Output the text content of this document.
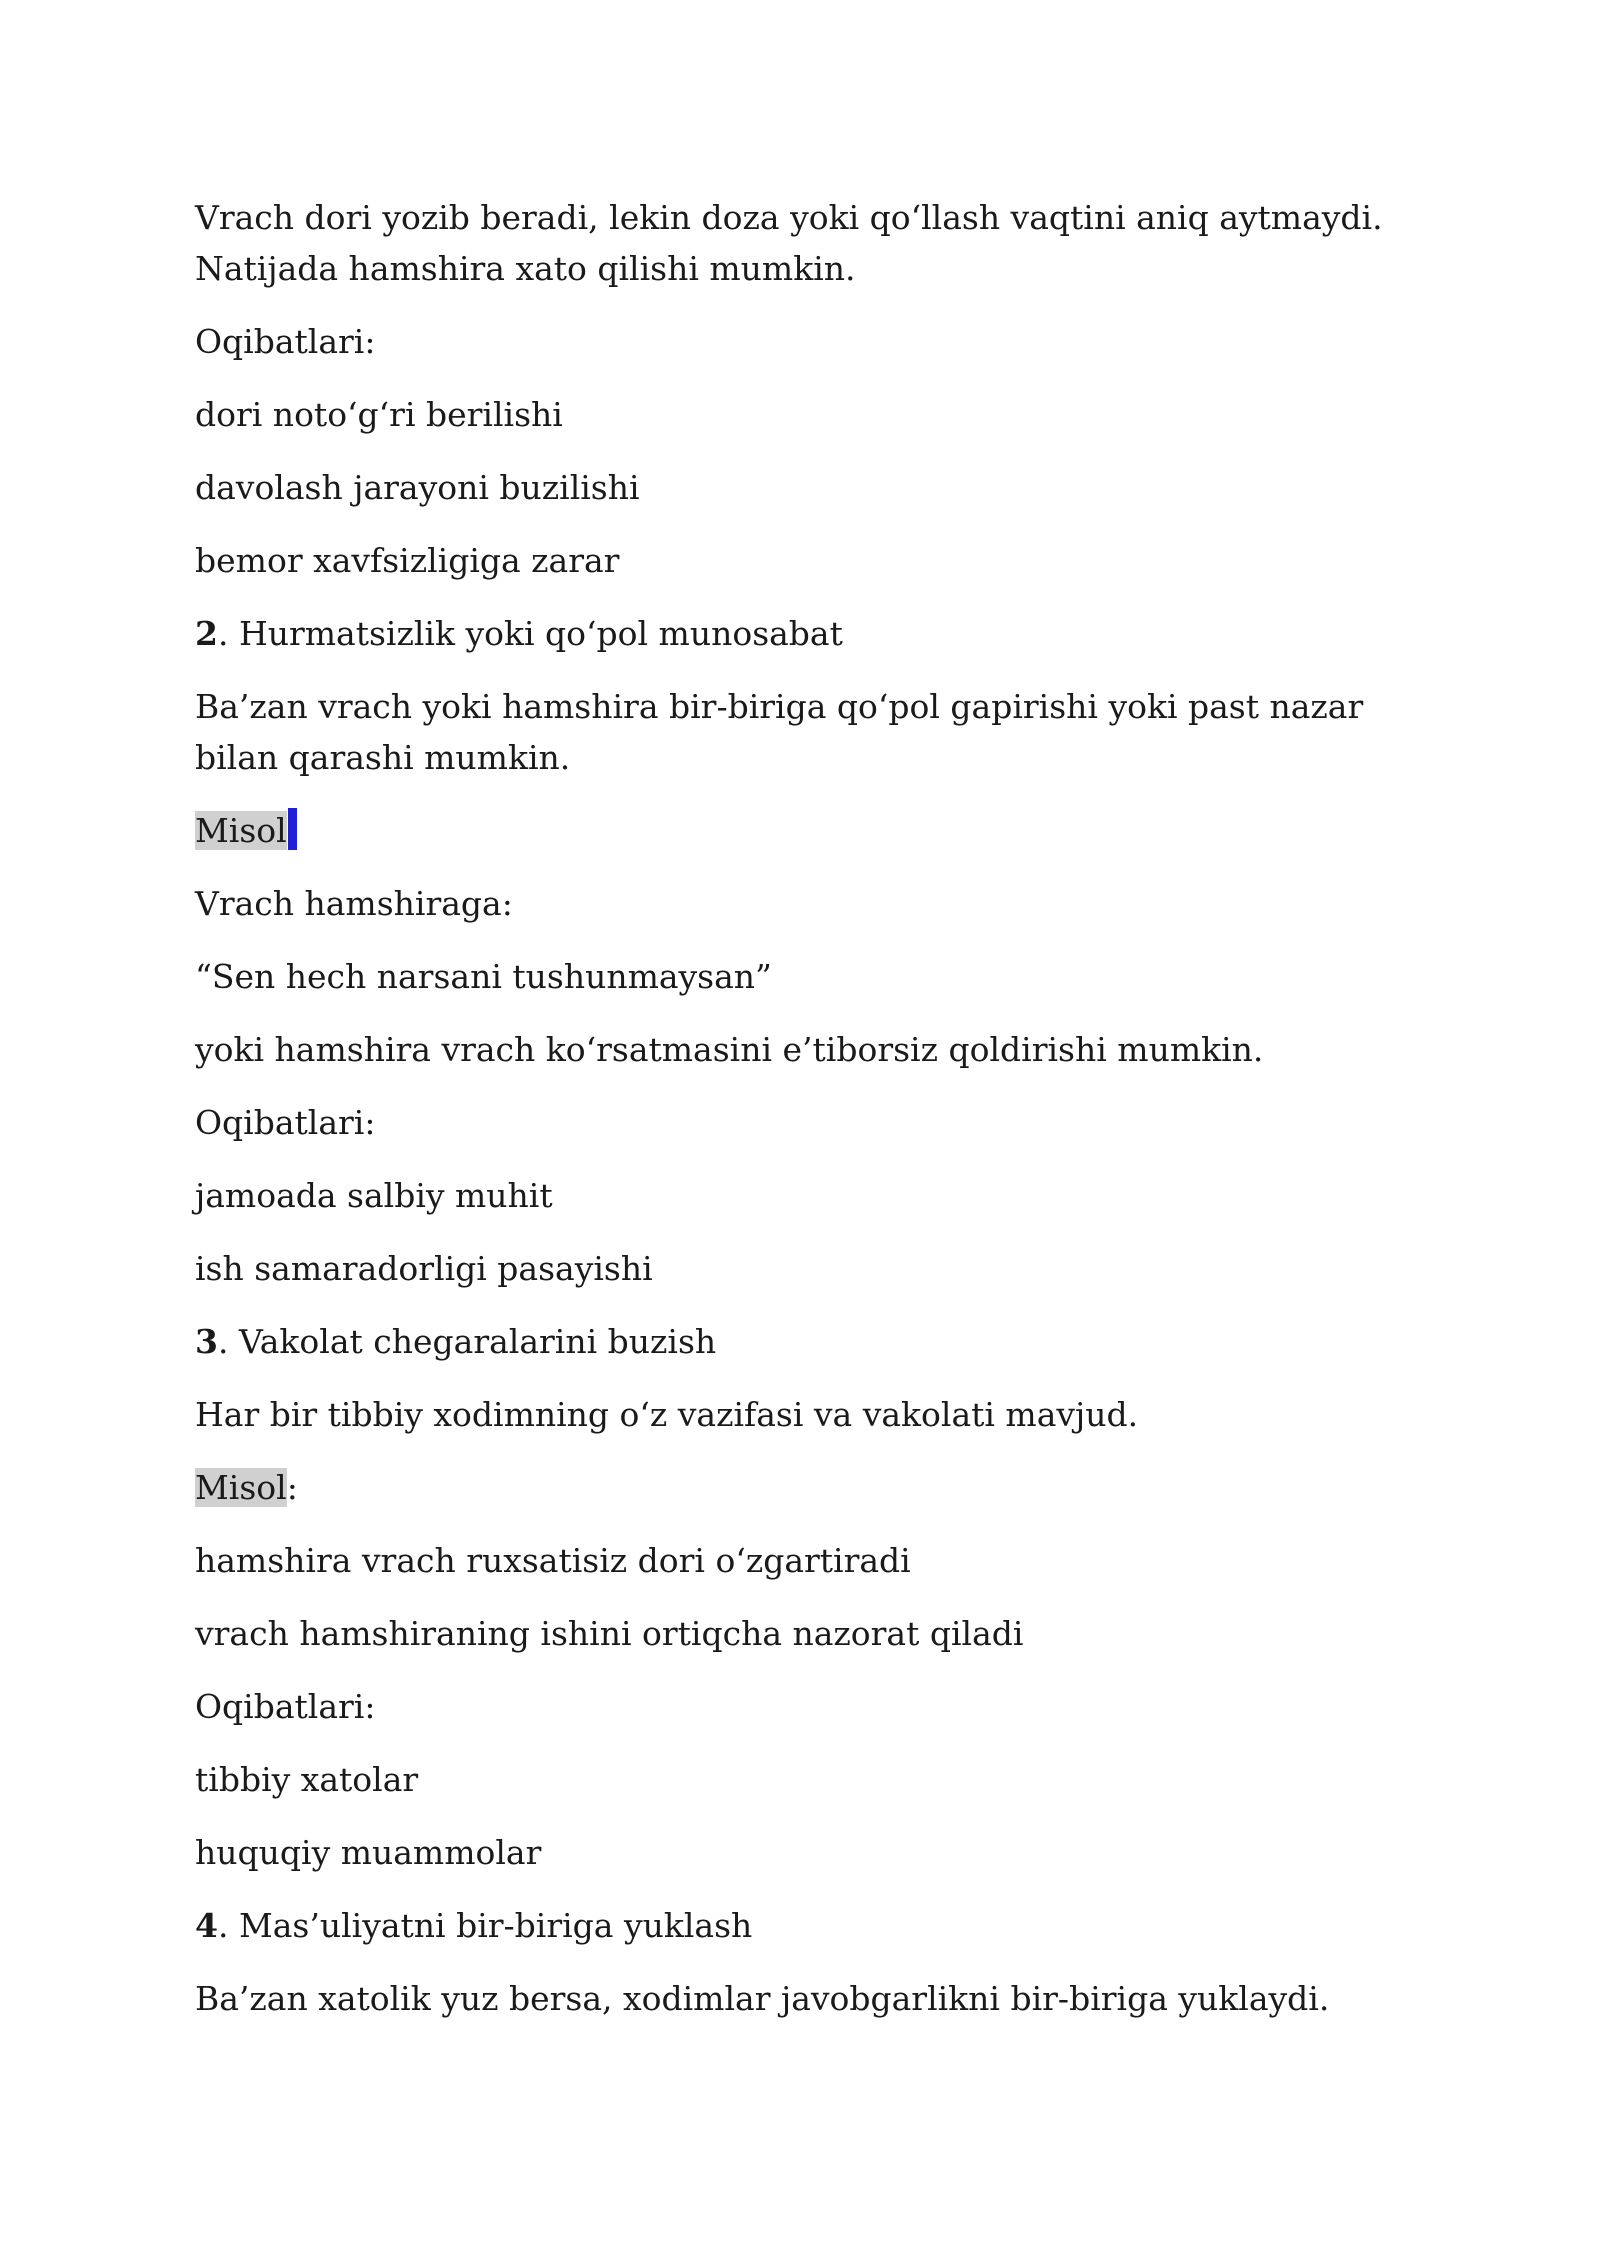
Vrach dori yozib beradi, lekin doza yoki qo‘llash vaqtini aniq aytmaydi. Natijada hamshira xato qilishi mumkin.

Oqibatlari:

dori noto‘g‘ri berilishi

davolash jarayoni buzilishi

bemor xavfsizligiga zarar

2. Hurmatsizlik yoki qo‘pol munosabat

Ba’zan vrach yoki hamshira bir-biriga qo‘pol gapirishi yoki past nazar bilan qarashi mumkin.

Misol

Vrach hamshiraga:

“Sen hech narsani tushunmaysan”

yoki hamshira vrach ko‘rsatmasini e’tiborsiz qoldirishi mumkin.

Oqibatlari:

jamoada salbiy muhit

ish samaradorligi pasayishi

3. Vakolat chegaralarini buzish

Har bir tibbiy xodimning o‘z vazifasi va vakolati mavjud.

Misol:

hamshira vrach ruxsatisiz dori o‘zgartiradi

vrach hamshiraning ishini ortiqcha nazorat qiladi

Oqibatlari:

tibbiy xatolar

huquqiy muammolar

4. Mas’uliyatni bir-biriga yuklash

Ba’zan xatolik yuz bersa, xodimlar javobgarlikni bir-biriga yuklaydi.
